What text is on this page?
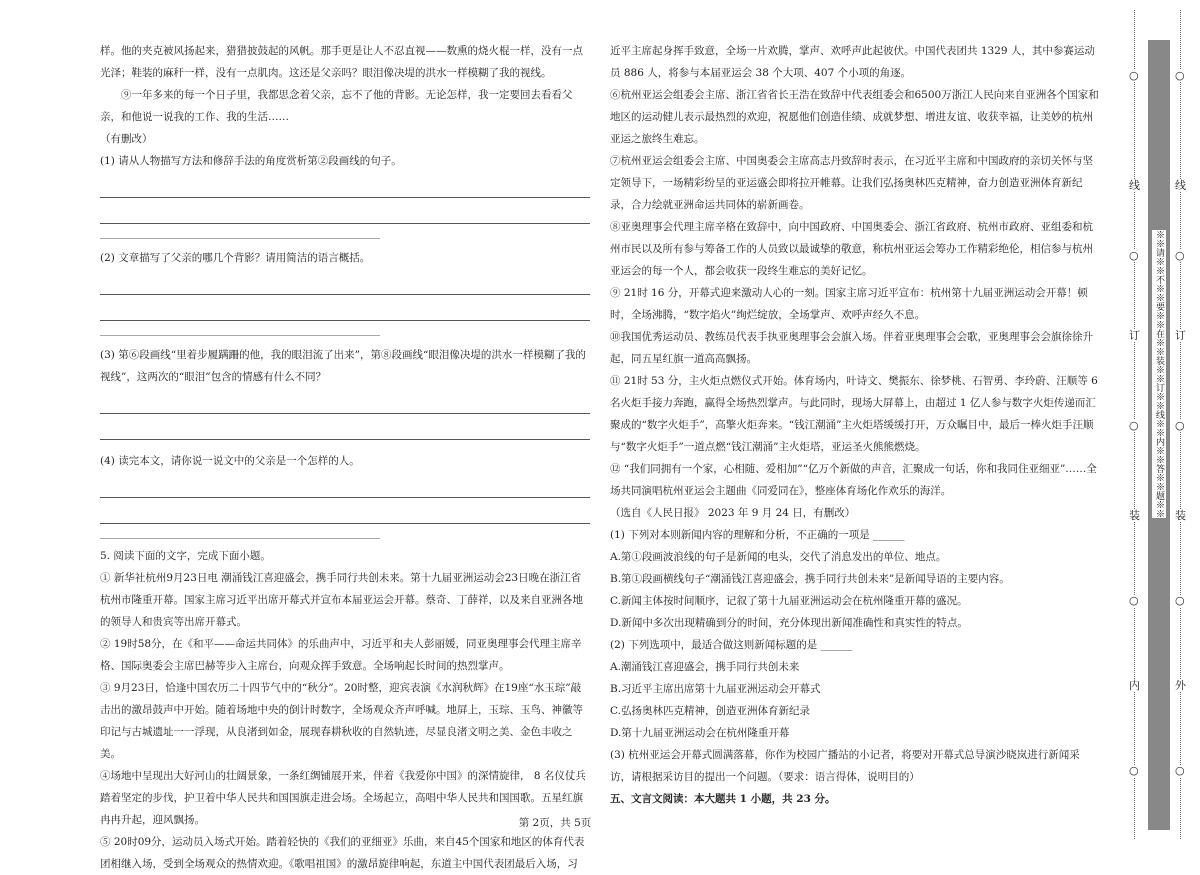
样。他的夹克被风扬起来，猎猎披鼓起的风帆。那手更是让人不忍直视——数熏的烧火棍一样，没有一点光泽；鞋装的麻秆一样，没有一点肌肉。这还是父亲吗？眼泪像决堤的洪水一样模糊了我的视线。

⑨一年多来的每一个日子里，我都思念着父亲，忘不了他的背影。无论怎样，我一定要回去看看父亲，和他说一说我的工作、我的生活……

（有删改）

(1) 请从人物描写方法和修辞手法的角度赏析第②段画线的句子。

(2) 文章描写了父亲的哪几个背影？请用简洁的语言概括。

(3) 第⑥段画线“里着步履蹒跚的他，我的眼泪流了出来”，第⑧段画线“眼泪像决堤的洪水一样模糊了我的视线”，这两次的“眼泪”包含的情感有什么不同？

(4) 读完本文，请你说一说文中的父亲是一个怎样的人。

5. 阅读下面的文字，完成下面小题。

① 新华社杭州9月23日电 潮涌钱江喜迎盛会，携手同行共创未来。第十九届亚洲运动会23日晚在浙江省杭州市隆重开幕。国家主席习近平出席开幕式并宣布本届亚运会开幕。蔡奇、丁薛祥，以及来自亚洲各地的领导人和贵宾等出席开幕式。

② 19时58分，在《和平——命运共同体》的乐曲声中，习近平和夫人彭丽媛，同亚奥理事会代理主席辛格、国际奥委会主席巴赫等步入主席台，向观众挥手致意。全场响起长时间的热烈掌声。

③ 9月23日，恰逢中国农历二十四节气中的“秋分”。20时整，迎宾表演《水润秋辉》在19座“水玉琮”敲击出的激昂鼓声中开始。随着场地中央的倒计时数字，全场观众齐声呼喊。地屏上，玉琮、玉鸟、神徽等印记与古城遗址一一浮现，从良渚到如金，展现春耕秋收的自然轨迹，尽显良渚文明之美、金色丰收之美。

④场地中呈现出大好河山的壮阔景象，一条红绸铺展开来，伴着《我爱你中国》的深情旋律， 8 名仪仗兵踏着坚定的步伐，护卫着中华人民共和国国旗走进会场。全场起立，高唱中华人民共和国国歌。五星红旗冉冉升起，迎风飘扬。

⑤ 20时09分，运动员入场式开始。踏着轻快的《我们的亚细亚》乐曲，来自45个国家和地区的体育代表团相继入场，受到全场观众的热情欢迎。《歌唱祖国》的激昂旋律响起，东道主中国代表团最后入场，习

近平主席起身挥手致意，全场一片欢腾，掌声、欢呼声此起彼伏。中国代表团共 1329 人，其中参赛运动员 886 人，将参与本届亚运会 38 个大项、407 个小项的角逐。

⑥杭州亚运会组委会主席、浙江省省长王浩在致辞中代表组委会和6500万浙江人民向来自亚洲各个国家和地区的运动健儿表示最热烈的欢迎，祝愿他们创造佳绩、成就梦想、增进友谊、收获幸福，让美妙的杭州亚运之旅终生难忘。

⑦杭州亚运会组委会主席、中国奥委会主席高志丹致辞时表示，在习近平主席和中国政府的亲切关怀与坚定领导下，一场精彩纷呈的亚运盛会即将拉开帷幕。让我们弘扬奥林匹克精神，奋力创造亚洲体育新纪录，合力绘就亚洲命运共同体的崭新画卷。

⑧亚奥理事会代理主席辛格在致辞中，向中国政府、中国奥委会、浙江省政府、杭州市政府、亚组委和杭州市民以及所有参与筹备工作的人员致以最诚挚的敬意，称杭州亚运会筹办工作精彩绝伦，相信参与杭州亚运会的每一个人，都会收获一段终生难忘的美好记忆。

⑨ 21时 16 分，开幕式迎来激动人心的一刻。国家主席习近平宣布：杭州第十九届亚洲运动会开幕！顿时，全场沸腾，“数字焰火”绚烂绽放，全场掌声、欢呼声经久不息。

⑩我国优秀运动员、教练员代表手执亚奥理事会会旗入场。伴着亚奥理事会会歌，亚奥理事会会旗徐徐升起，同五星红旗一道高高飘扬。

⑪ 21时 53 分，主火炬点燃仪式开始。体育场内，叶诗文、樊振东、徐梦桃、石智勇、李玲蔚、汪顺等 6 名火炬手接力奔跑，赢得全场热烈掌声。与此同时，现场大屏幕上，由超过 1 亿人参与数字火炬传递而汇聚成的“数字火炬手”，高擎火炬奔来。“钱江潮涌”主火炬塔缓缓打开，万众瞩目中，最后一棒火炬手汪顺与“数字火炬手”一道点燃“钱江潮涌”主火炬塔，亚运圣火熊熊燃烧。

⑫ “我们同拥有一个家，心相随、爱相加”“亿万个新做的声音，汇聚成一句话，你和我同住亚细亚”……全场共同演唱杭州亚运会主题曲《同爱同在》，整座体育场化作欢乐的海洋。

（选自《人民日报》 2023 年 9 月 24 日，有删改）

(1) 下列对本则新闻内容的理解和分析，不正确的一项是 ______

A.第①段画波浪线的句子是新闻的电头，交代了消息发出的单位、地点。

B.第①段画横线句子“潮涌钱江喜迎盛会，携手同行共创未来”是新闻导语的主要内容。

C.新闻主体按时间顺序，记叙了第十九届亚洲运动会在杭州隆重开幕的盛况。

D.新闻中多次出现精确到分的时间，充分体现出新闻准确性和真实性的特点。

(2) 下列选项中，最适合做这则新闻标题的是 ______

A.潮涌钱江喜迎盛会，携手同行共创未来

B.习近平主席出席第十九届亚洲运动会开幕式

C.弘扬奥林匹克精神，创造亚洲体育新纪录

D.第十九届亚洲运动会在杭州隆重开幕

(3) 杭州亚运会开幕式圆满落幕，你作为校园广播站的小记者，将要对开幕式总导演沙晓岚进行新闻采访，请根据采访目的提出一个问题。（要求：语言得体，说明目的）

五、文言文阅读：本大题共 1 小题，共 23 分。

第 2页，共 5页
※※请※※不※※要※※在※※装※※订※※线※※内※※答※※题※※
○
线
○
订
○
装
○
内
○
○
线
○
订
○
装
○
外
○
